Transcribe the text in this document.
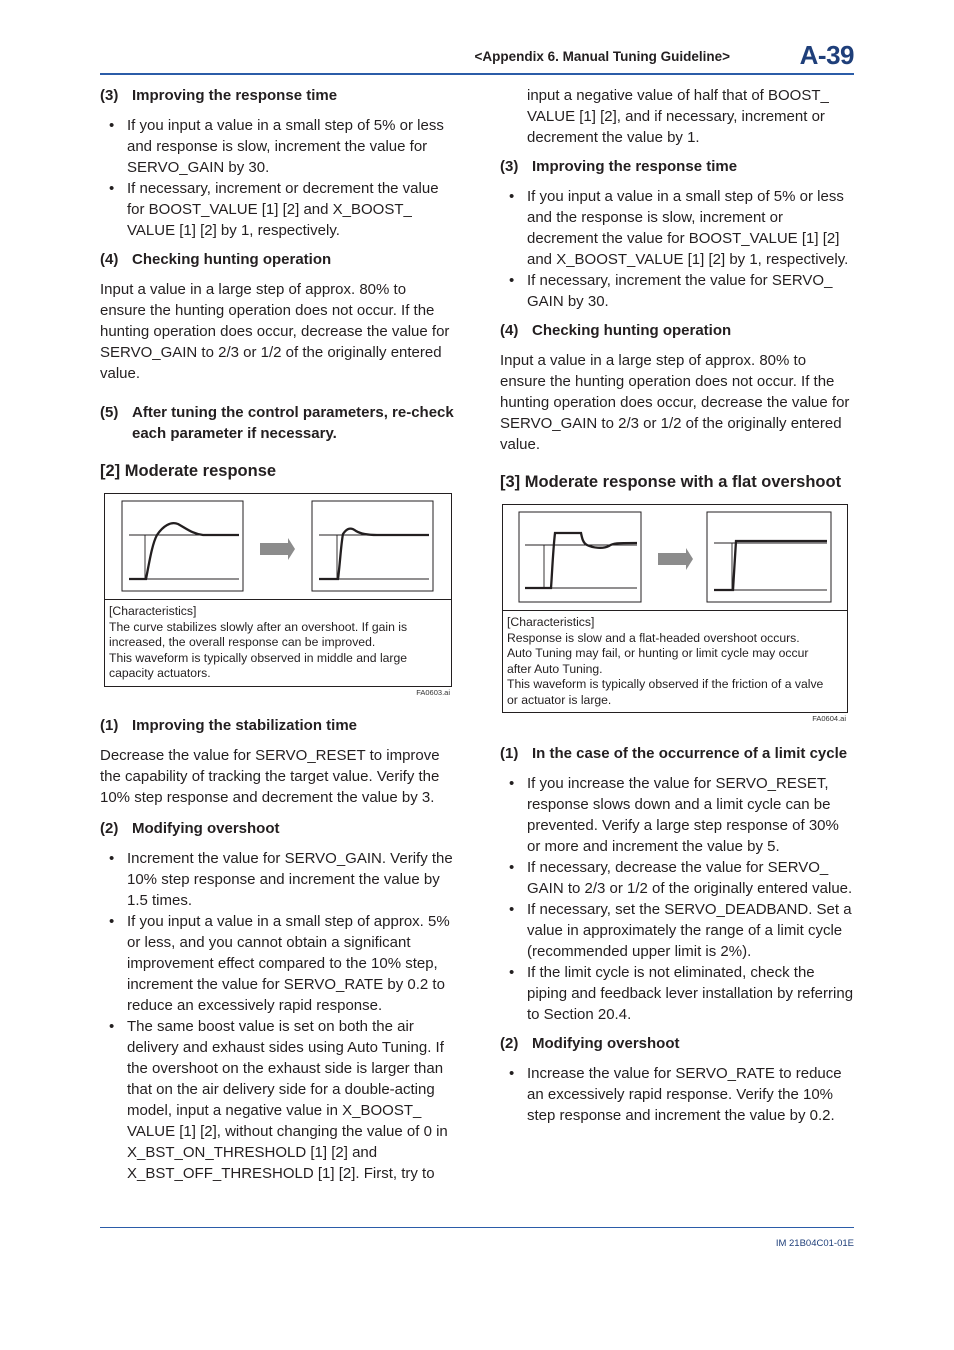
<Appendix 6. Manual Tuning Guideline>	A-39
(3) Improving the response time
• If you input a value in a small step of 5% or less and response is slow, increment the value for SERVO_GAIN by 30.
• If necessary, increment or decrement the value for BOOST_VALUE [1] [2] and X_BOOST_ VALUE [1] [2] by 1, respectively.
(4) Checking hunting operation

Input a value in a large step of approx. 80% to ensure the hunting operation does not occur. If the hunting operation does occur, decrease the value for SERVO_GAIN to 2/3 or 1/2 of the originally entered value.

(5) After tuning the control parameters, re-check each parameter if necessary.
[2] Moderate response
[Characteristics]
The curve stabilizes slowly after an overshoot. If gain is
increased, the overall response can be improved.
This waveform is typically observed in middle and large
capacity actuators.
FA0603.ai
(1) Improving the stabilization time

Decrease the value for SERVO_RESET to improve the capability of tracking the target value. Verify the 10% step response and decrement the value by 3.

(2) Modifying overshoot
• Increment the value for SERVO_GAIN. Verify the 10% step response and increment the value by 1.5 times.
• If you input a value in a small step of approx. 5% or less, and you cannot obtain a significant improvement effect compared to the 10% step, increment the value for SERVO_RATE by 0.2 to reduce an excessively rapid response.
• The same boost value is set on both the air delivery and exhaust sides using Auto Tuning. If the overshoot on the exhaust side is larger than that on the air delivery side for a double-acting model, input a negative value in X_BOOST_ VALUE [1] [2], without changing the value of 0 in X_BST_ON_THRESHOLD [1] [2] and X_BST_OFF_THRESHOLD [1] [2]. First, try to

input a negative value of half that of BOOST_ VALUE [1] [2], and if necessary, increment or decrement the value by 1.

(3) Improving the response time
• If you input a value in a small step of 5% or less and the response is slow, increment or decrement the value for BOOST_VALUE [1] [2] and X_BOOST_VALUE [1] [2] by 1, respectively.
• If necessary, increment the value for SERVO_ GAIN by 30.
(4) Checking hunting operation

Input a value in a large step of approx. 80% to ensure the hunting operation does not occur. If the hunting operation does occur, decrease the value for SERVO_GAIN to 2/3 or 1/2 of the originally entered value.

[3] Moderate response with a flat overshoot
[Characteristics]
Response is slow and a flat-headed overshoot occurs.
Auto Tuning may fail, or hunting or limit cycle may occur
after Auto Tuning.
This waveform is typically observed if the friction of a valve
or actuator is large.
FA0604.ai
(1) In the case of the occurrence of a limit cycle
• If you increase the value for SERVO_RESET, response slows down and a limit cycle can be prevented. Verify a large step response of 30% or more and increment the value by 5.
• If necessary, decrease the value for SERVO_ GAIN to 2/3 or 1/2 of the originally entered value.
• If necessary, set the SERVO_DEADBAND. Set a value in approximately the range of a limit cycle (recommended upper limit is 2%).
• If the limit cycle is not eliminated, check the piping and feedback lever installation by referring to Section 20.4.
(2) Modifying overshoot
• Increase the value for SERVO_RATE to reduce an excessively rapid response. Verify the 10% step response and increment the value by 0.2.
IM 21B04C01-01E
